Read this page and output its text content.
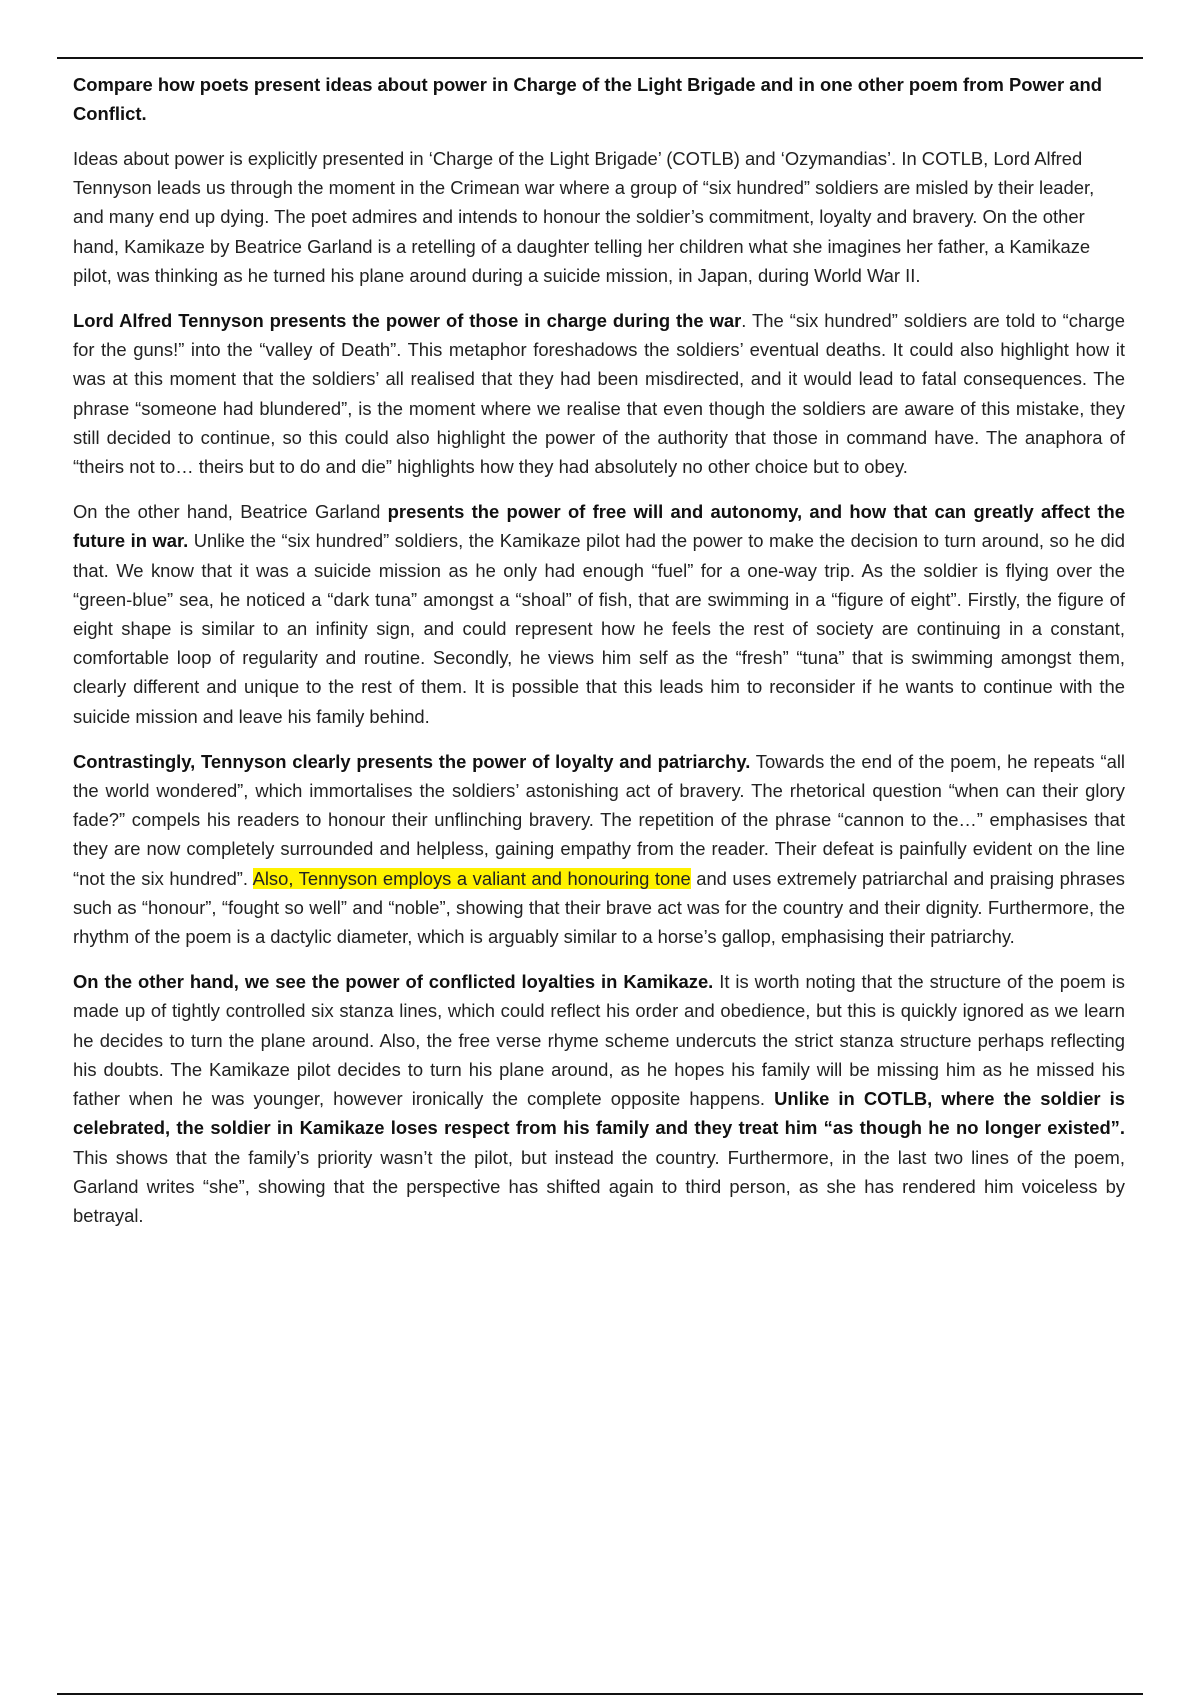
Compare how poets present ideas about power in Charge of the Light Brigade and in one other poem from Power and Conflict.

Ideas about power is explicitly presented in ‘Charge of the Light Brigade’ (COTLB) and ‘Ozymandias’. In COTLB, Lord Alfred Tennyson leads us through the moment in the Crimean war where a group of “six hundred” soldiers are misled by their leader, and many end up dying. The poet admires and intends to honour the soldier’s commitment, loyalty and bravery. On the other hand, Kamikaze by Beatrice Garland is a retelling of a daughter telling her children what she imagines her father, a Kamikaze pilot, was thinking as he turned his plane around during a suicide mission, in Japan, during World War II.

Lord Alfred Tennyson presents the power of those in charge during the war. The “six hundred” soldiers are told to “charge for the guns!” into the “valley of Death”. This metaphor foreshadows the soldiers’ eventual deaths. It could also highlight how it was at this moment that the soldiers’ all realised that they had been misdirected, and it would lead to fatal consequences. The phrase “someone had blundered”, is the moment where we realise that even though the soldiers are aware of this mistake, they still decided to continue, so this could also highlight the power of the authority that those in command have. The anaphora of “theirs not to… theirs but to do and die” highlights how they had absolutely no other choice but to obey.

On the other hand, Beatrice Garland presents the power of free will and autonomy, and how that can greatly affect the future in war. Unlike the “six hundred” soldiers, the Kamikaze pilot had the power to make the decision to turn around, so he did that. We know that it was a suicide mission as he only had enough “fuel” for a one-way trip. As the soldier is flying over the “green-blue” sea, he noticed a “dark tuna” amongst a “shoal” of fish, that are swimming in a “figure of eight”. Firstly, the figure of eight shape is similar to an infinity sign, and could represent how he feels the rest of society are continuing in a constant, comfortable loop of regularity and routine. Secondly, he views him self as the “fresh” “tuna” that is swimming amongst them, clearly different and unique to the rest of them. It is possible that this leads him to reconsider if he wants to continue with the suicide mission and leave his family behind.

Contrastingly, Tennyson clearly presents the power of loyalty and patriarchy. Towards the end of the poem, he repeats “all the world wondered”, which immortalises the soldiers’ astonishing act of bravery. The rhetorical question “when can their glory fade?” compels his readers to honour their unflinching bravery. The repetition of the phrase “cannon to the…” emphasises that they are now completely surrounded and helpless, gaining empathy from the reader. Their defeat is painfully evident on the line “not the six hundred”. Also, Tennyson employs a valiant and honouring tone and uses extremely patriarchal and praising phrases such as “honour”, “fought so well” and “noble”, showing that their brave act was for the country and their dignity. Furthermore, the rhythm of the poem is a dactylic diameter, which is arguably similar to a horse’s gallop, emphasising their patriarchy.

On the other hand, we see the power of conflicted loyalties in Kamikaze. It is worth noting that the structure of the poem is made up of tightly controlled six stanza lines, which could reflect his order and obedience, but this is quickly ignored as we learn he decides to turn the plane around. Also, the free verse rhyme scheme undercuts the strict stanza structure perhaps reflecting his doubts. The Kamikaze pilot decides to turn his plane around, as he hopes his family will be missing him as he missed his father when he was younger, however ironically the complete opposite happens. Unlike in COTLB, where the soldier is celebrated, the soldier in Kamikaze loses respect from his family and they treat him “as though he no longer existed”. This shows that the family’s priority wasn’t the pilot, but instead the country. Furthermore, in the last two lines of the poem, Garland writes “she”, showing that the perspective has shifted again to third person, as she has rendered him voiceless by betrayal.
